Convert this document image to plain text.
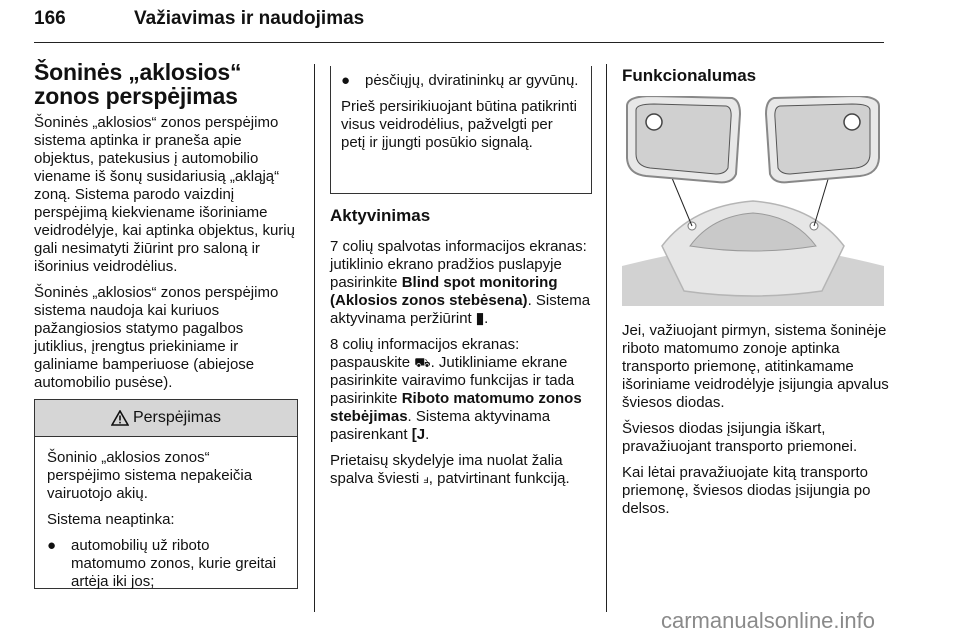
166	Važiavimas ir naudojimas
Šoninės „aklosios“ zonos perspėjimas

Šoninės „aklosios“ zonos perspėjimo sistema aptinka ir praneša apie objektus, patekusius į automobilio viename iš šonų susidariusią „akląją“ zoną. Sistema parodo vaizdinį perspėjimą kiekviename išoriniame veidrodėlyje, kai aptinka objektus, kurių gali nesimatyti žiūrint pro saloną ir išorinius veidrodėlius.

Šoninės „aklosios“ zonos perspėjimo sistema naudoja kai kuriuos pažangiosios statymo pagalbos jutiklius, įrengtus priekiniame ir galiniame bamperiuose (abiejose automobilio pusėse).

Perspėjimas

Šoninio „aklosios zonos“ perspėjimo sistema nepakeičia vairuotojo akių.

Sistema neaptinka:

● automobilių už riboto matomumo zonos, kurie greitai artėja iki jos;
● pėsčiųjų, dviratininkų ar gyvūnų.

Prieš persirikiuojant būtina patikrinti visus veidrodėlius, pažvelgti per petį ir įjungti posūkio signalą.

Aktyvinimas

7 colių spalvotas informacijos ekranas: jutiklinio ekrano pradžios puslapyje pasirinkite Blind spot monitoring (Aklosios zonos stebėsena). Sistema aktyvinama peržiūrint ▮.

8 colių informacijos ekranas: paspauskite ⛟. Jutikliniame ekrane pasirinkite vairavimo funkcijas ir tada pasirinkite Riboto matomumo zonos stebėjimas. Sistema aktyvinama pasirenkant [J.

Prietaisų skydelyje ima nuolat žalia spalva šviesti ⅎ, patvirtinant funkciją.

Funkcionalumas

Jei, važiuojant pirmyn, sistema šoninėje riboto matomumo zonoje aptinka transporto priemonę, atitinkamame išoriniame veidrodėlyje įsijungia apvalus šviesos diodas.

Šviesos diodas įsijungia iškart, pravažiuojant transporto priemonei.

Kai lėtai pravažiuojate kitą transporto priemonę, šviesos diodas įsijungia po delsos.

carmanualsonline.info
